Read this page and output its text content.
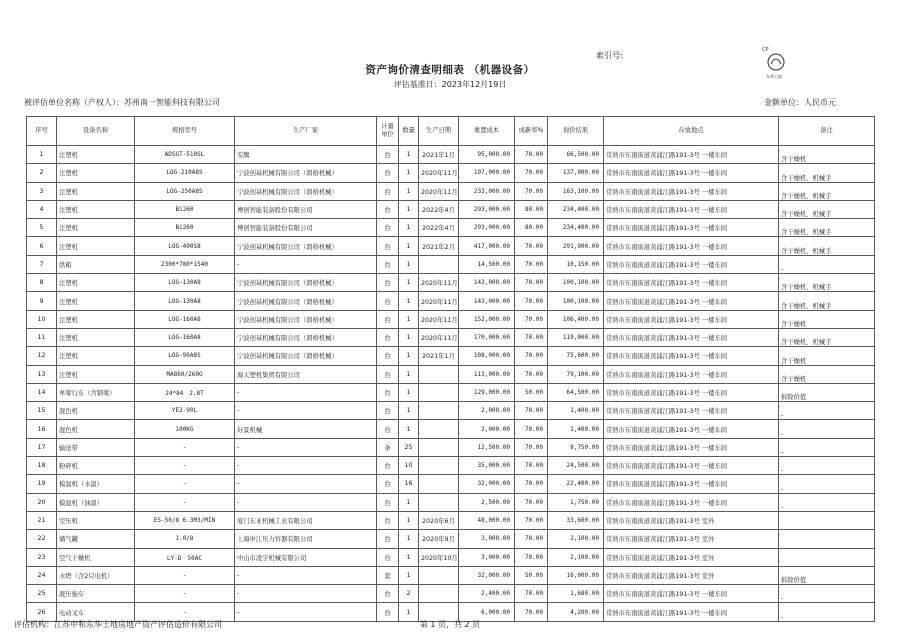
索引号:
CP
东华土地
资产询价清查明细表 （机器设备）
评估基准日：2023年12月19日
被评估单位名称（产权人）：苏州南一智能科技有限公司	金额单位：人民币元
序号	设备名称	规格型号	生产厂家	计量单位	数量	生产日期	重置成本	成新率%	询价结果	存放地点	备注
1	注塑机	ADSGT-510SL	安腾	台	1	2021年1月	95,000.00	70.00	66,500.00	常熟市东南街道黄浦江路191-3号 一楼车间	含干燥机
2	注塑机	LOG-210A8S	宁波创基机械有限公司（朗格机械）	台	1	2020年11月	197,000.00	70.00	137,900.00	常熟市东南街道黄浦江路191-3号 一楼车间	含干燥机、机械手
3	注塑机	LOG-250A8S	宁波创基机械有限公司（朗格机械）	台	1	2020年11月	233,000.00	70.00	163,100.00	常熟市东南街道黄浦江路191-3号 一楼车间	含干燥机、机械手
4	注塑机	Bi260	博创智能装备股份有限公司	台	1	2022年4月	293,000.00	80.00	234,400.00	常熟市东南街道黄浦江路191-3号 一楼车间	含干燥机、机械手
5	注塑机	Bi260	博创智能装备股份有限公司	台	1	2022年4月	293,000.00	80.00	234,400.00	常熟市东南街道黄浦江路191-3号 一楼车间	含干燥机、机械手
6	注塑机	LOG-400S8	宁波创基机械有限公司（朗格机械）	台	1	2021年2月	417,000.00	70.00	291,900.00	常熟市东南街道黄浦江路191-3号 一楼车间	含干燥机、机械手
7	烘箱	2300*780*1540	-	台	1		14,500.00	70.00	10,150.00	常熟市东南街道黄浦江路191-3号 一楼车间	-
8	注塑机	LOG-130A8	宁波创基机械有限公司（朗格机械）	台	1	2020年11月	143,000.00	70.00	100,100.00	常熟市东南街道黄浦江路191-3号 一楼车间	含干燥机、机械手
9	注塑机	LOG-130A8	宁波创基机械有限公司（朗格机械）	台	1	2020年11月	143,000.00	70.00	100,100.00	常熟市东南街道黄浦江路191-3号 一楼车间	含干燥机、机械手
10	注塑机	LOG-160A8	宁波创基机械有限公司（朗格机械）	台	1	2020年11月	152,000.00	70.00	106,400.00	常熟市东南街道黄浦江路191-3号 一楼车间	含干燥机
11	注塑机	LOG-160A8	宁波创基机械有限公司（朗格机械）	台	1	2020年11月	170,000.00	70.00	119,000.00	常熟市东南街道黄浦江路191-3号 一楼车间	含干燥机、机械手
12	注塑机	LOG-90A8S	宁波创基机械有限公司（朗格机械）	台	1	2021年1月	108,000.00	70.00	75,600.00	常熟市东南街道黄浦江路191-3号 一楼车间	含干燥机
13	注塑机	MA860/260G	海天塑机集团有限公司	台	1		113,000.00	70.00	79,100.00	常熟市东南街道黄浦江路191-3号 一楼车间	含干燥机
14	单梁行车（含钢梁）	24*84　2.8T	-	台	1		129,000.00	50.00	64,500.00	常熟市东南街道黄浦江路191-3号 一楼车间	拆除价值
15	混色机	YE2-90L	-	台	1		2,000.00	70.00	1,400.00	常熟市东南街道黄浦江路191-3号 一楼车间	-
16	混色机	100KG	好景机械	台	1		2,000.00	70.00	1,400.00	常熟市东南街道黄浦江路191-3号 一楼车间	-
17	输送带	-	-	条	25		12,500.00	70.00	8,750.00	常熟市东南街道黄浦江路191-3号 一楼车间	-
18	粉碎机	-	-	台	10		35,000.00	70.00	24,500.00	常熟市东南街道黄浦江路191-3号 一楼车间	-
19	模温机（水温）	-	-	台	16		32,000.00	70.00	22,400.00	常熟市东南街道黄浦江路191-3号 一楼车间	-
20	模温机（油温）	-	-	台	1		2,500.00	70.00	1,750.00	常熟市东南街道黄浦江路191-3号 一楼车间	-
21	空压机	ES-50/8 6.3M3/MIN	厦门东亚机械工业有限公司	台	1	2020年6月	48,000.00	70.00	33,600.00	常熟市东南街道黄浦江路191-3号 室外	
22	储气罐	1.0/8	上海申江压力容器有限公司	台	1	2020年9月	3,000.00	70.00	2,100.00	常熟市东南街道黄浦江路191-3号 室外	
23	空气干燥机	LY-D　50AC	中山市凌宇机械有限公司	台	1	2020年10月	3,000.00	70.00	2,100.00	常熟市东南街道黄浦江路191-3号 室外	
24	水塔（含2只电机）	-	-	套	1		32,000.00	50.00	16,000.00	常熟市东南街道黄浦江路191-3号 室外	拆除价值
25	液压拖车	-	-	台	2		2,400.00	70.00	1,680.00	常熟市东南街道黄浦江路191-3号 一楼车间	-
26	电动叉车	-	-	台	1		6,000.00	70.00	4,200.00	常熟市东南街道黄浦江路191-3号 一楼车间	-
评估机构：江苏中和东华土地房地产资产评估造价有限公司	第 1 页，共 2 页
